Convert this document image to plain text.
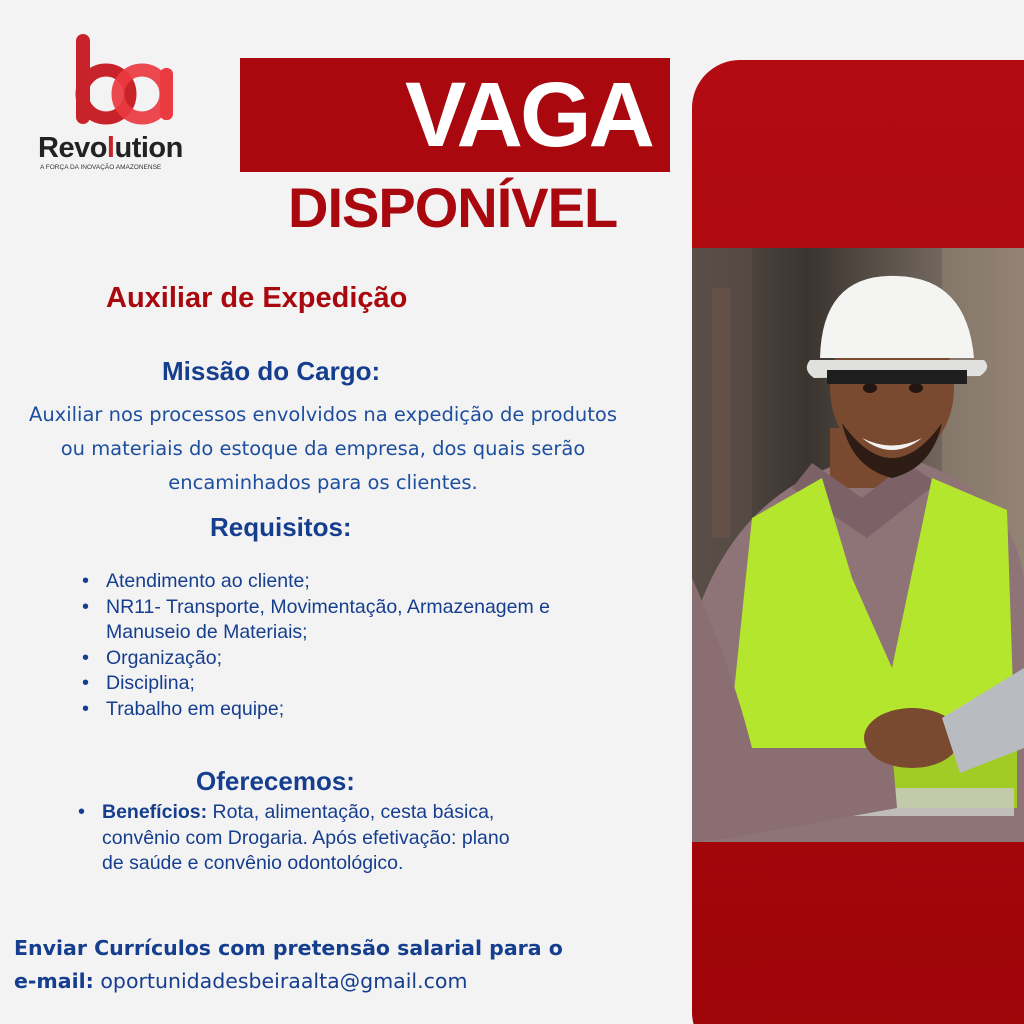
Revolution
A FORÇA DA INOVAÇÃO AMAZONENSE
VAGA
DISPONÍVEL
Auxiliar de Expedição
Missão do Cargo:
Auxiliar nos processos envolvidos na expedição de produtos ou materiais do estoque da empresa, dos quais serão encaminhados para os clientes.
Requisitos:
• Atendimento ao cliente;
• NR11- Transporte, Movimentação, Armazenagem e Manuseio de Materiais;
• Organização;
• Disciplina;
• Trabalho em equipe;
Oferecemos:
• Benefícios: Rota, alimentação, cesta básica, convênio com Drogaria. Após efetivação: plano de saúde e convênio odontológico.
Enviar Currículos com pretensão salarial para o
e-mail: oportunidadesbeiraalta@gmail.com
